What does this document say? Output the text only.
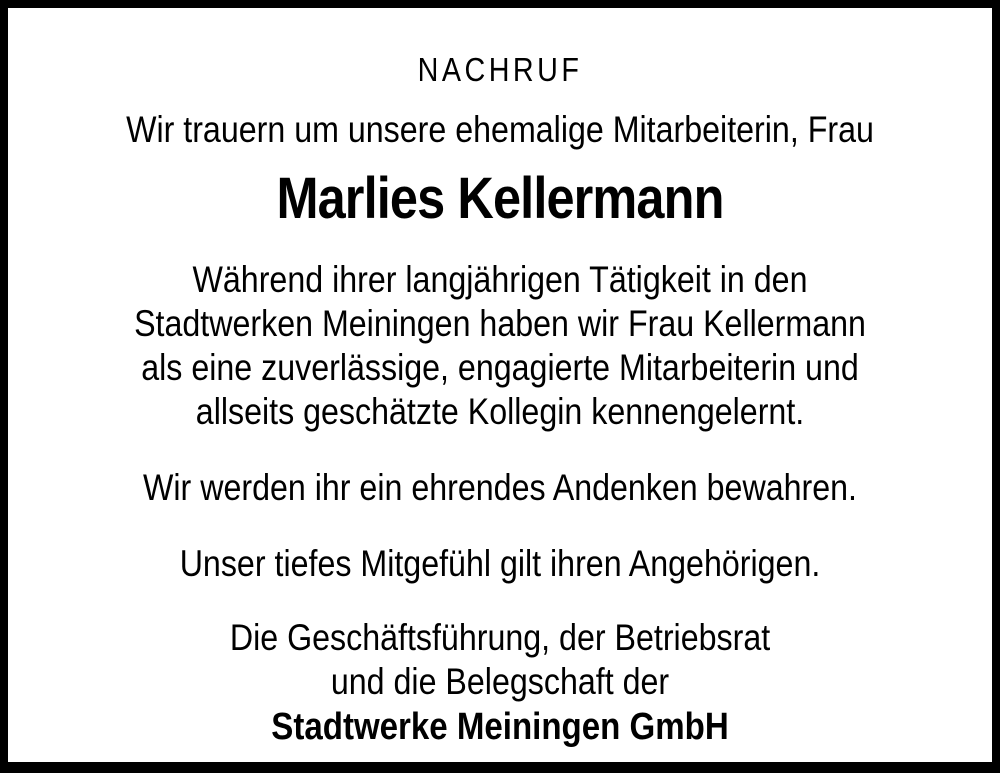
NACHRUF
Wir trauern um unsere ehemalige Mitarbeiterin, Frau
Marlies Kellermann
Während ihrer langjährigen Tätigkeit in den
Stadtwerken Meiningen haben wir Frau Kellermann
als eine zuverlässige, engagierte Mitarbeiterin und
allseits geschätzte Kollegin kennengelernt.
Wir werden ihr ein ehrendes Andenken bewahren.
Unser tiefes Mitgefühl gilt ihren Angehörigen.
Die Geschäftsführung, der Betriebsrat
und die Belegschaft der
Stadtwerke Meiningen GmbH
